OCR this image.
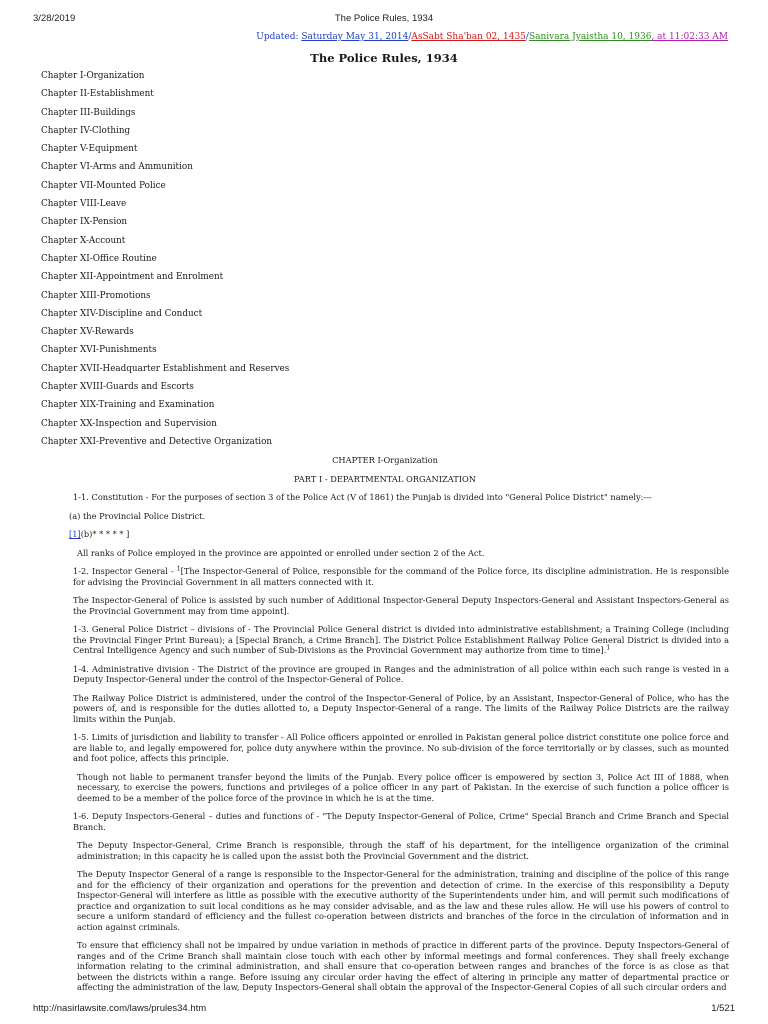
3/28/2019	The Police Rules, 1934
Updated: Saturday May 31, 2014/AsSabt Sha'ban 02, 1435/Sanivara Jyaistha 10, 1936, at 11:02:33 AM
The Police Rules, 1934
Chapter I-Organization
Chapter II-Establishment
Chapter III-Buildings
Chapter IV-Clothing
Chapter V-Equipment
Chapter VI-Arms and Ammunition
Chapter VII-Mounted Police
Chapter VIII-Leave
Chapter IX-Pension
Chapter X-Account
Chapter XI-Office Routine
Chapter XII-Appointment and Enrolment
Chapter XIII-Promotions
Chapter XIV-Discipline and Conduct
Chapter XV-Rewards
Chapter XVI-Punishments
Chapter XVII-Headquarter Establishment and Reserves
Chapter XVIII-Guards and Escorts
Chapter XIX-Training and Examination
Chapter XX-Inspection and Supervision
Chapter XXI-Preventive and Detective Organization

CHAPTER I-Organization

PART I - DEPARTMENTAL ORGANIZATION

1-1. Constitution - For the purposes of section 3 of the Police Act (V of 1861) the Punjab is divided into "General Police District" namely:---

(a) the Provincial Police District.

[1](b)* * * * * ]

All ranks of Police employed in the province are appointed or enrolled under section 2 of the Act.

1-2. Inspector General - $^1$[The Inspector-General of Police, responsible for the command of the Police force, its discipline administration. He is responsible for advising the Provincial Government in all matters connected with it.

The Inspector-General of Police is assisted by such number of Additional Inspector-General Deputy Inspectors-General and Assistant Inspectors-General as the Provincial Government may from time appoint].

1-3. General Police District – divisions of - The Provincial Police General district is divided into administrative establishment; a Training College (including the Provincial Finger Print Bureau); a [Special Branch, a Crime Branch]. The District Police Establishment Railway Police General District is divided into a Central Intelligence Agency and such number of Sub-Divisions as the Provincial Government may authorize from time to time].$^1$

1-4. Administrative division - The District of the province are grouped in Ranges and the administration of all police within each such range is vested in a Deputy Inspector-General under the control of the Inspector-General of Police.

The Railway Police District is administered, under the control of the Inspector-General of Police, by an Assistant, Inspector-General of Police, who has the powers of, and is responsible for the duties allotted to, a Deputy Inspector-General of a range. The limits of the Railway Police Districts are the railway limits within the Punjab.

1-5. Limits of jurisdiction and liability to transfer - All Police officers appointed or enrolled in Pakistan general police district constitute one police force and are liable to, and legally empowered for, police duty anywhere within the province. No sub-division of the force territorially or by classes, such as mounted and foot police, affects this principle.

Though not liable to permanent transfer beyond the limits of the Punjab. Every police officer is empowered by section 3, Police Act III of 1888, when necessary, to exercise the powers, functions and privileges of a police officer in any part of Pakistan. In the exercise of such function a police officer is deemed to be a member of the police force of the province in which he is at the time.

1-6. Deputy Inspectors-General – duties and functions of - "The Deputy Inspector-General of Police, Crime" Special Branch and Crime Branch and Special Branch.

The Deputy Inspector-General, Crime Branch is responsible, through the staff of his department, for the intelligence organization of the criminal administration; in this capacity he is called upon the assist both the Provincial Government and the district.

The Deputy Inspector General of a range is responsible to the Inspector-General for the administration, training and discipline of the police of this range and for the efficiency of their organization and operations for the prevention and detection of crime. In the exercise of this responsibility a Deputy Inspector-General will interfere as little as possible with the executive authority of the Superintendents under him, and will permit such modifications of practice and organization to suit local conditions as he may consider advisable, and as the law and these rules allow. He will use his powers of control to secure a uniform standard of efficiency and the fullest co-operation between districts and branches of the force in the circulation of information and in action against criminals.

To ensure that efficiency shall not be impaired by undue variation in methods of practice in different parts of the province. Deputy Inspectors-General of ranges and of the Crime Branch shall maintain close touch with each other by informal meetings and formal conferences. They shall freely exchange information relating to the criminal administration, and shall ensure that co-operation between ranges and branches of the force is as close as that between the districts within a range. Before issuing any circular order having the effect of altering in principle any matter of departmental practice or affecting the administration of the law, Deputy Inspectors-General shall obtain the approval of the Inspector-General Copies of all such circular orders and

http://nasirlawsite.com/laws/prules34.htm	1/521
